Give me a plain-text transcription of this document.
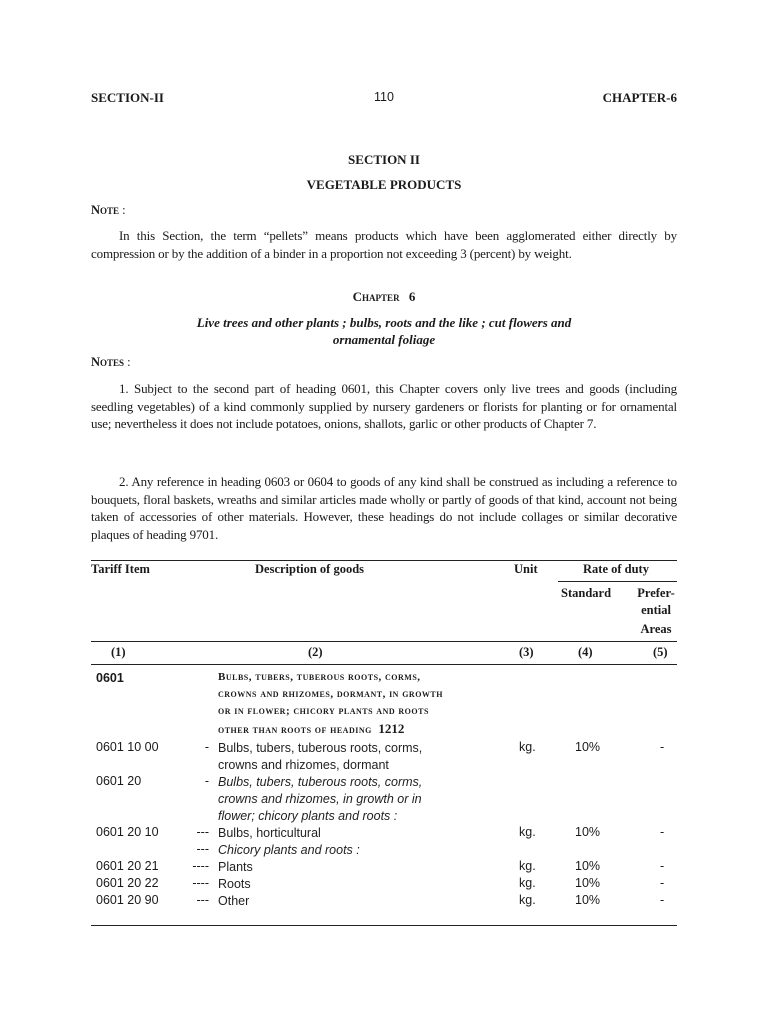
SECTION-II	110	CHAPTER-6
SECTION II
VEGETABLE PRODUCTS
Note :
In this Section, the term “pellets” means products which have been agglomerated either directly by compression or by the addition of a binder in a proportion not exceeding 3 (percent) by weight.
Chapter 6
Live trees and other plants ; bulbs, roots and the like ; cut flowers and
ornamental foliage
Notes :
1. Subject to the second part of heading 0601, this Chapter covers only live trees and goods (including seedling vegetables) of a kind commonly supplied by nursery gardeners or florists for planting or for ornamental use; nevertheless it does not include potatoes, onions, shallots, garlic or other products of Chapter 7.
2. Any reference in heading 0603 or 0604 to goods of any kind shall be construed as including a reference to bouquets, floral baskets, wreaths and similar articles made wholly or partly of goods of that kind, account not being taken of accessories of other materials. However, these headings do not include collages or similar decorative plaques of heading 9701.
Tariff Item	Description of goods	Unit	Rate of duty
Standard	Prefer-
ential
Areas
(1)	(2)	(3)	(4)	(5)
0601	Bulbs, tubers, tuberous roots, corms,
crowns and rhizomes, dormant, in growth
or in flower; chicory plants and roots
other than roots of heading 1212
0601 10 00	- Bulbs, tubers, tuberous roots, corms,
crowns and rhizomes, dormant
kg.	10%	-
0601 20	- Bulbs, tubers, tuberous roots, corms,
crowns and rhizomes, in growth or in
flower; chicory plants and roots :
0601 20 10	--- Bulbs, horticultural	kg.	10%	-
--- Chicory plants and roots :
0601 20 21	---- Plants	kg.	10%	-
0601 20 22	---- Roots	kg.	10%	-
0601 20 90	--- Other	kg.	10%	-
